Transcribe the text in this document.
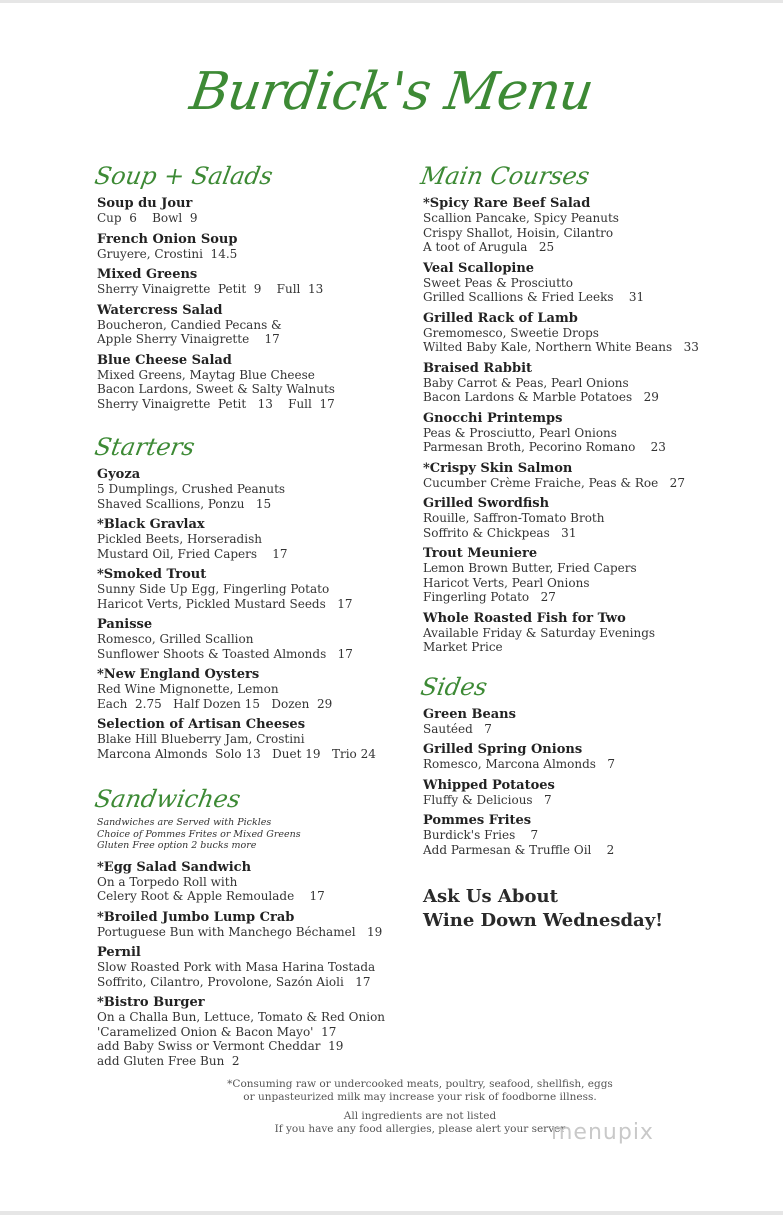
Burdick's Menu
Soup + Salads
Soup du Jour
Cup  6    Bowl  9
French Onion Soup
Gruyere, Crostini  14.5
Mixed Greens
Sherry Vinaigrette  Petit  9    Full  13
Watercress Salad
Boucheron, Candied Pecans &
Apple Sherry Vinaigrette    17
Blue Cheese Salad
Mixed Greens, Maytag Blue Cheese
Bacon Lardons, Sweet & Salty Walnuts
Sherry Vinaigrette  Petit   13    Full  17
Starters
Gyoza
5 Dumplings, Crushed Peanuts
Shaved Scallions, Ponzu   15
*Black Gravlax
Pickled Beets, Horseradish
Mustard Oil, Fried Capers    17
*Smoked Trout
Sunny Side Up Egg, Fingerling Potato
Haricot Verts, Pickled Mustard Seeds   17
Panisse
Romesco, Grilled Scallion
Sunflower Shoots & Toasted Almonds   17
*New England Oysters
Red Wine Mignonette, Lemon
Each  2.75   Half Dozen 15   Dozen  29
Selection of Artisan Cheeses
Blake Hill Blueberry Jam, Crostini
Marcona Almonds  Solo 13   Duet 19   Trio 24
Sandwiches
Sandwiches are Served with Pickles
Choice of Pommes Frites or Mixed Greens
Gluten Free option 2 bucks more
*Egg Salad Sandwich
On a Torpedo Roll with
Celery Root & Apple Remoulade    17
*Broiled Jumbo Lump Crab
Portuguese Bun with Manchego Béchamel   19
Pernil
Slow Roasted Pork with Masa Harina Tostada
Soffrito, Cilantro, Provolone, Sazón Aioli   17
*Bistro Burger
On a Challa Bun, Lettuce, Tomato & Red Onion
'Caramelized Onion & Bacon Mayo'  17
add Baby Swiss or Vermont Cheddar  19
add Gluten Free Bun  2
Main Courses
*Spicy Rare Beef Salad
Scallion Pancake, Spicy Peanuts
Crispy Shallot, Hoisin, Cilantro
A toot of Arugula   25
Veal Scallopine
Sweet Peas & Prosciutto
Grilled Scallions & Fried Leeks    31
Grilled Rack of Lamb
Gremomesco, Sweetie Drops
Wilted Baby Kale, Northern White Beans   33
Braised Rabbit
Baby Carrot & Peas, Pearl Onions
Bacon Lardons & Marble Potatoes   29
Gnocchi Printemps
Peas & Prosciutto, Pearl Onions
Parmesan Broth, Pecorino Romano    23
*Crispy Skin Salmon
Cucumber Crème Fraiche, Peas & Roe   27
Grilled Swordfish
Rouille, Saffron-Tomato Broth
Soffrito & Chickpeas   31
Trout Meuniere
Lemon Brown Butter, Fried Capers
Haricot Verts, Pearl Onions
Fingerling Potato   27
Whole Roasted Fish for Two
Available Friday & Saturday Evenings
Market Price
Sides
Green Beans
Sautéed   7
Grilled Spring Onions
Romesco, Marcona Almonds   7
Whipped Potatoes
Fluffy & Delicious   7
Pommes Frites
Burdick's Fries    7
Add Parmesan & Truffle Oil    2
Ask Us About
Wine Down Wednesday!
*Consuming raw or undercooked meats, poultry, seafood, shellfish, eggs
or unpasteurized milk may increase your risk of foodborne illness.
All ingredients are not listed
If you have any food allergies, please alert your server
menupix
